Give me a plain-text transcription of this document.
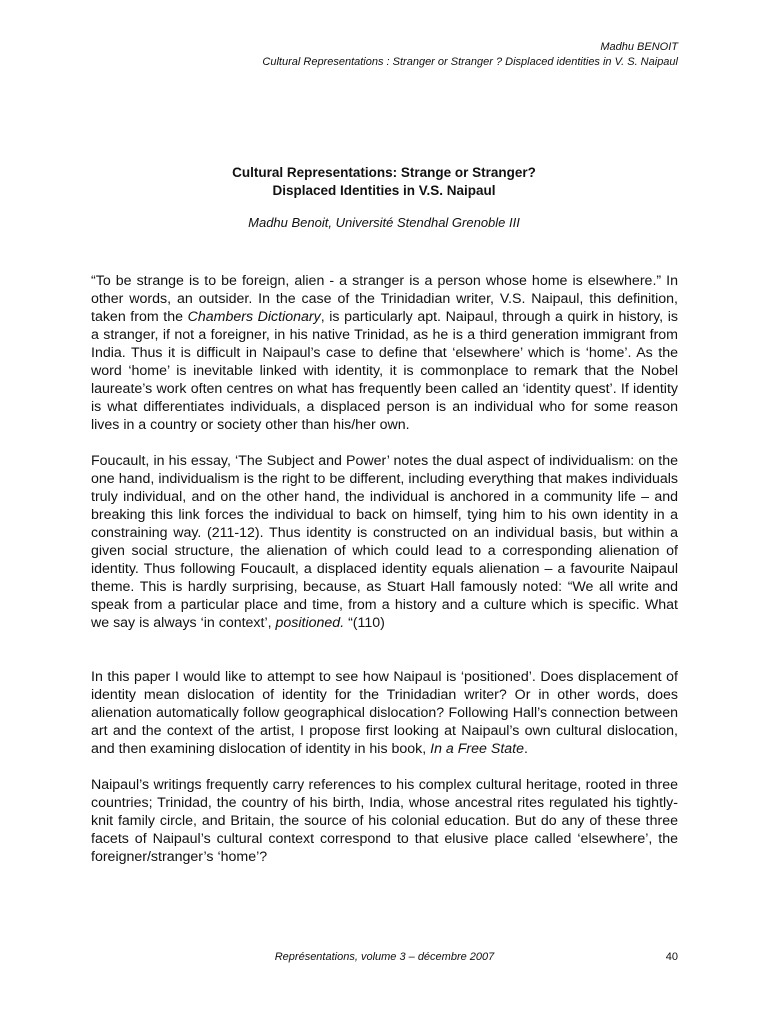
Madhu BENOIT
Cultural Representations : Stranger or Stranger ? Displaced identities in V. S. Naipaul
Cultural Representations: Strange or Stranger?
Displaced Identities in V.S. Naipaul
Madhu Benoit, Université Stendhal Grenoble III

“To be strange is to be foreign, alien - a stranger is a person whose home is elsewhere.” In other words, an outsider. In the case of the Trinidadian writer, V.S. Naipaul, this definition, taken from the Chambers Dictionary, is particularly apt. Naipaul, through a quirk in history, is a stranger, if not a foreigner, in his native Trinidad, as he is a third generation immigrant from India. Thus it is difficult in Naipaul’s case to define that ‘elsewhere’ which is ‘home’. As the word ‘home’ is inevitable linked with identity, it is commonplace to remark that the Nobel laureate’s work often centres on what has frequently been called an ‘identity quest’. If identity is what differentiates individuals, a displaced person is an individual who for some reason lives in a country or society other than his/her own.

Foucault, in his essay, ‘The Subject and Power’ notes the dual aspect of individualism: on the one hand, individualism is the right to be different, including everything that makes individuals truly individual, and on the other hand, the individual is anchored in a community life – and breaking this link forces the individual to back on himself, tying him to his own identity in a constraining way. (211-12). Thus identity is constructed on an individual basis, but within a given social structure, the alienation of which could lead to a corresponding alienation of identity. Thus following Foucault, a displaced identity equals alienation – a favourite Naipaul theme. This is hardly surprising, because, as Stuart Hall famously noted: “We all write and speak from a particular place and time, from a history and a culture which is specific. What we say is always ‘in context’, positioned. “(110)

In this paper I would like to attempt to see how Naipaul is ‘positioned’. Does displacement of identity mean dislocation of identity for the Trinidadian writer? Or in other words, does alienation automatically follow geographical dislocation? Following Hall’s connection between art and the context of the artist, I propose first looking at Naipaul’s own cultural dislocation, and then examining dislocation of identity in his book, In a Free State.

Naipaul’s writings frequently carry references to his complex cultural heritage, rooted in three countries; Trinidad, the country of his birth, India, whose ancestral rites regulated his tightly-knit family circle, and Britain, the source of his colonial education. But do any of these three facets of Naipaul’s cultural context correspond to that elusive place called ‘elsewhere’, the foreigner/stranger’s ‘home’?

Représentations, volume 3 – décembre 2007	40
